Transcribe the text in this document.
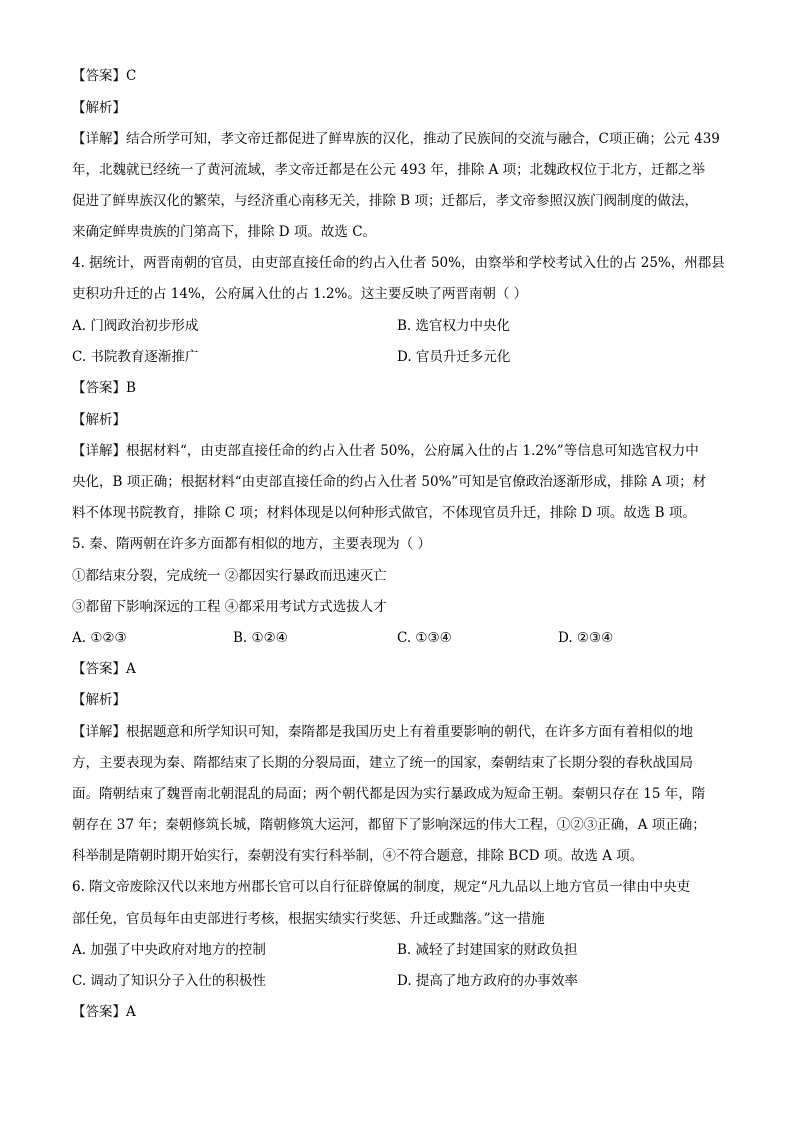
【答案】C
【解析】
【详解】结合所学可知，孝文帝迁都促进了鲜卑族的汉化，推动了民族间的交流与融合，C项正确；公元 439
年，北魏就已经统一了黄河流域，孝文帝迁都是在公元 493 年，排除 A 项；北魏政权位于北方，迁都之举
促进了鲜卑族汉化的繁荣，与经济重心南移无关，排除 B 项；迁都后，孝文帝参照汉族门阀制度的做法，
来确定鲜卑贵族的门第高下，排除 D 项。故选 C。
4. 据统计，两晋南朝的官员，由吏部直接任命的约占入仕者 50%，由察举和学校考试入仕的占 25%，州郡县
吏积功升迁的占 14%，公府属入仕的占 1.2%。这主要反映了两晋南朝（ ）
A. 门阀政治初步形成	B. 选官权力中央化
C. 书院教育逐渐推广	D. 官员升迁多元化
【答案】B
【解析】
【详解】根据材料“，由吏部直接任命的约占入仕者 50%，公府属入仕的占 1.2%”等信息可知选官权力中
央化，B 项正确；根据材料“由吏部直接任命的约占入仕者 50%”可知是官僚政治逐渐形成，排除 A 项；材
料不体现书院教育，排除 C 项；材料体现是以何种形式做官，不体现官员升迁，排除 D 项。故选 B 项。
5. 秦、隋两朝在许多方面都有相似的地方，主要表现为（ ）
①都结束分裂，完成统一 ②都因实行暴政而迅速灭亡
③都留下影响深远的工程 ④都采用考试方式选拔人才
A. ①②③	B. ①②④	C. ①③④	D. ②③④
【答案】A
【解析】
【详解】根据题意和所学知识可知，秦隋都是我国历史上有着重要影响的朝代，在许多方面有着相似的地
方，主要表现为秦、隋都结束了长期的分裂局面，建立了统一的国家，秦朝结束了长期分裂的春秋战国局
面。隋朝结束了魏晋南北朝混乱的局面；两个朝代都是因为实行暴政成为短命王朝。秦朝只存在 15 年，隋
朝存在 37 年；秦朝修筑长城，隋朝修筑大运河，都留下了影响深远的伟大工程，①②③正确，A 项正确；
科举制是隋朝时期开始实行，秦朝没有实行科举制，④不符合题意，排除 BCD 项。故选 A 项。
6. 隋文帝废除汉代以来地方州郡长官可以自行征辟僚属的制度，规定“凡九品以上地方官员一律由中央吏
部任免，官员每年由吏部进行考核，根据实绩实行奖惩、升迁或黜落。”这一措施
A. 加强了中央政府对地方的控制	B. 减轻了封建国家的财政负担
C. 调动了知识分子入仕的积极性	D. 提高了地方政府的办事效率
【答案】A
